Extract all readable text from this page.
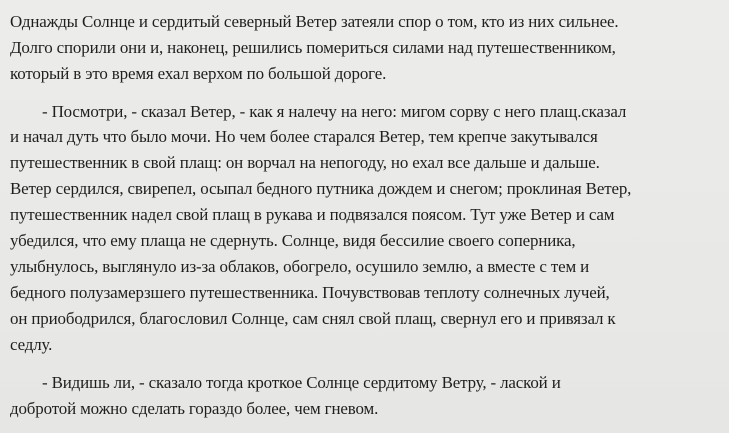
Однажды Солнце и сердитый северный Ветер затеяли спор о том, кто из них сильнее.
Долго спорили они и, наконец, решились помериться силами над путешественником,
который в это время ехал верхом по большой дороге.
- Посмотри, - сказал Ветер, - как я налечу на него: мигом сорву с него плащ.сказал
и начал дуть что было мочи. Но чем более старался Ветер, тем крепче закутывался
путешественник в свой плащ: он ворчал на непогоду, но ехал все дальше и дальше.
Ветер сердился, свирепел, осыпал бедного путника дождем и снегом; проклиная Ветер,
путешественник надел свой плащ в рукава и подвязался поясом. Тут уже Ветер и сам
убедился, что ему плаща не сдернуть. Солнце, видя бессилие своего соперника,
улыбнулось, выглянуло из-за облаков, обогрело, осушило землю, а вместе с тем и
бедного полузамерзшего путешественника. Почувствовав теплоту солнечных лучей,
он приободрился, благословил Солнце, сам снял свой плащ, свернул его и привязал к
седлу.
- Видишь ли, - сказало тогда кроткое Солнце сердитому Ветру, - лаской и
добротой можно сделать гораздо более, чем гневом.
